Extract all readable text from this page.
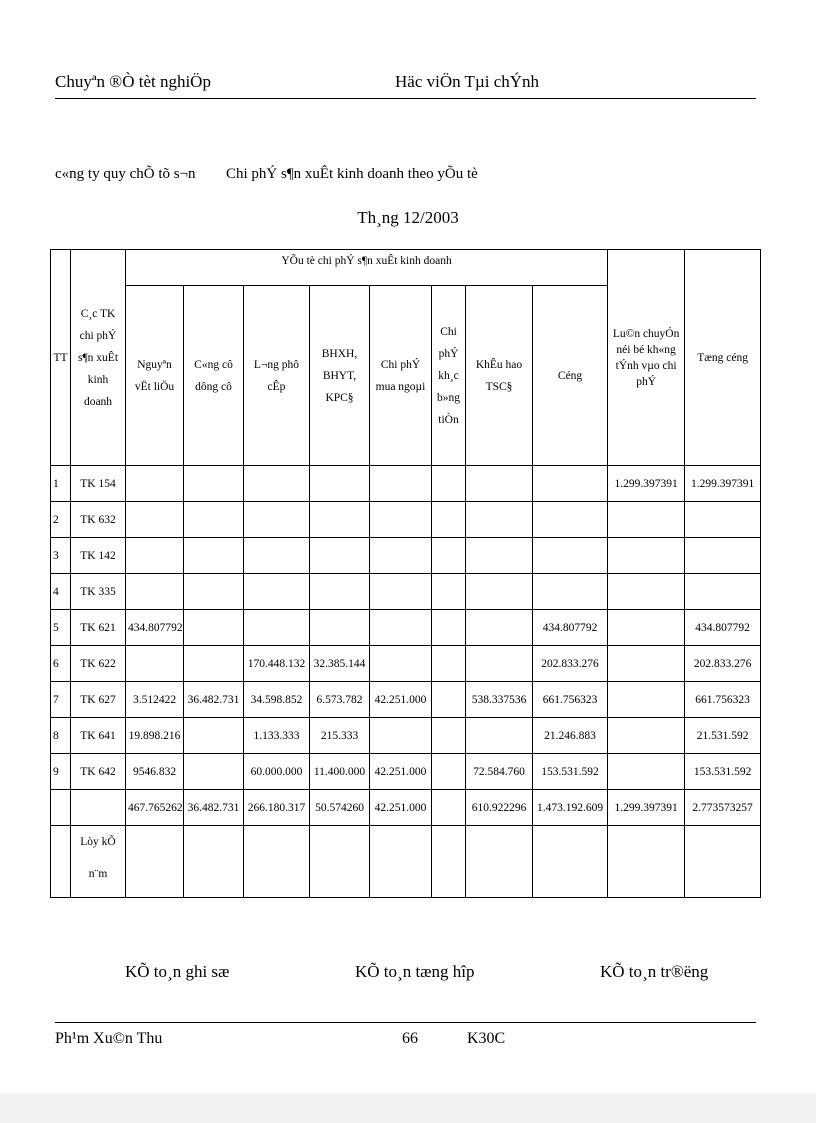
Chuyªn ®Ò tèt nghiÖp	Häc viÖn Tµi chÝnh
c«ng ty quy chÕ tõ s¬n Chi phÝ s¶n xuÊt kinh doanh theo yÕu tè
Th¸ng 12/2003
TT	C¸c TK chi phÝ s¶n xuÊt kinh doanh	YÕu tè chi phÝ s¶n xuÊt kinh doanh								Lu©n chuyÓn néi bé kh«ng tÝnh vµo chi phÝ	Tæng céng
		Nguyªn vËt liÖu	C«ng cô dông cô	L¬ng phô cÊp	BHXH, BHYT, KPC§	Chi phÝ mua ngoµi	Chi phÝ kh¸c b»ng tiÒn	KhÊu hao TSC§	Céng		
1	TK 154									1.299.397391	1.299.397391
2	TK 632										
3	TK 142										
4	TK 335										
5	TK 621	434.807792							434.807792		434.807792
6	TK 622			170.448.132	32.385.144				202.833.276		202.833.276
7	TK 627	3.512422	36.482.731	34.598.852	6.573.782	42.251.000		538.337536	661.756323		661.756323
8	TK 641	19.898.216		1.133.333	215.333				21.246.883		21.531.592
9	TK 642	9546.832		60.000.000	11.400.000	42.251.000		72.584.760	153.531.592		153.531.592
		467.765262	36.482.731	266.180.317	50.574260	42.251.000		610.922296	1.473.192.609	1.299.397391	2.773573257
	Lòy kÕ n¨m										
KÕ to¸n ghi sæ	KÕ to¸n tæng hîp	KÕ to¸n tr®ëng
Ph¹m Xu©n Thu	66	K30C
